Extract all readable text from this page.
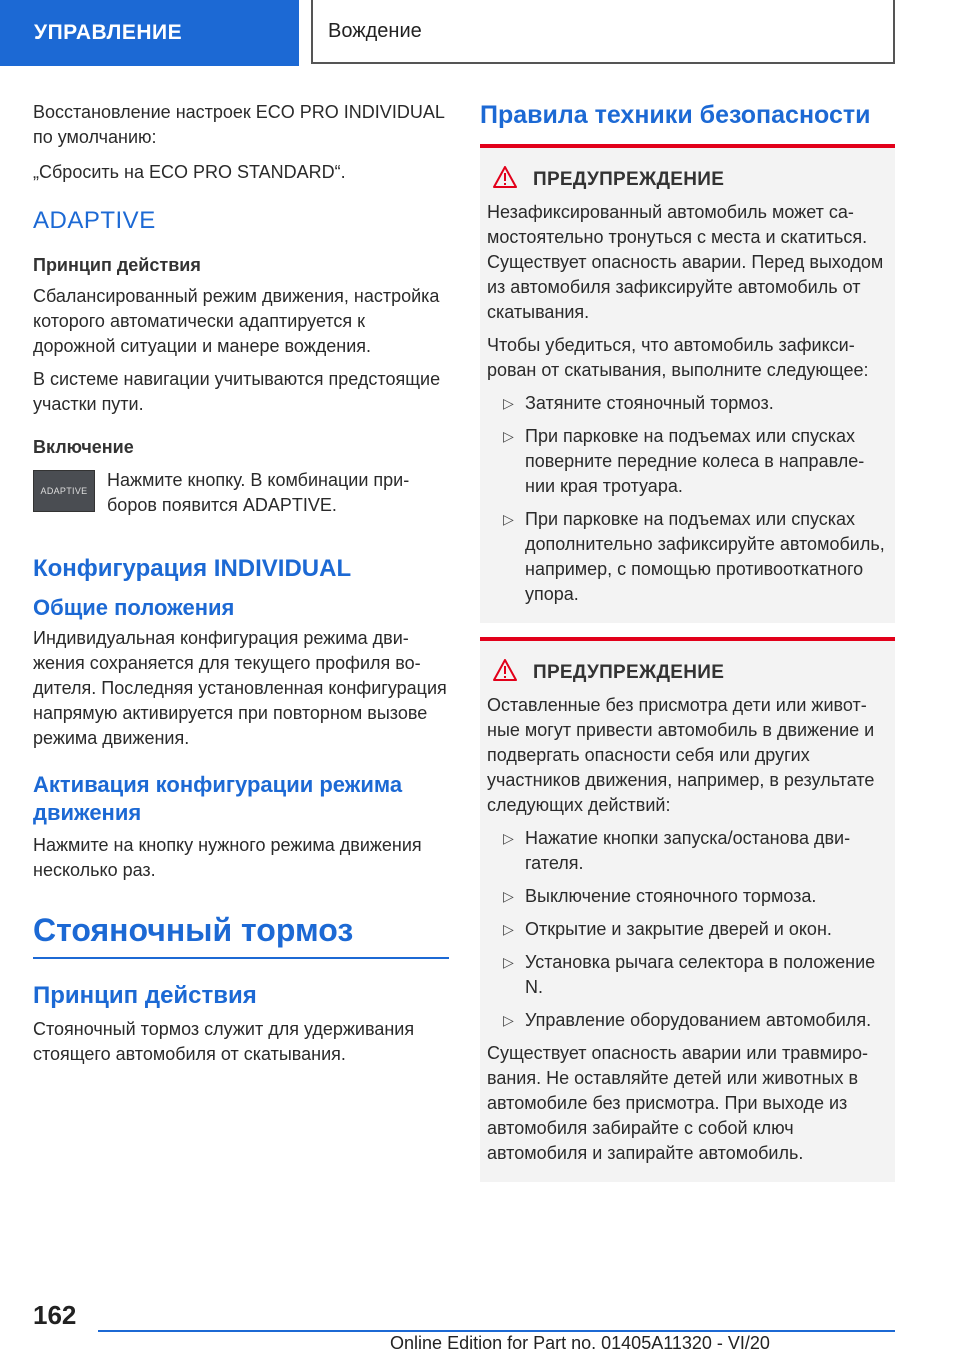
УПРАВЛЕНИЕ	Вождение

Восстановление настроек ECO PRO INDIVIDUAL по умолчанию:

„Сбросить на ECO PRO STANDARD“.

ADAPTIVE
Принцип действия

Сбалансированный режим движения, настройка которого автоматически адаптируется к дорожной ситуации и манере вождения.

В системе навигации учитываются предстоящие участки пути.

Включение
ADAPTIVE

Нажмите кнопку. В комбинации приборов появится ADAPTIVE.

Конфигурация INDIVIDUAL
Общие положения

Индивидуальная конфигурация режима движения сохраняется для текущего профиля водителя. Последняя установленная конфигурация напрямую активируется при повторном вызове режима движения.

Активация конфигурации режима движения

Нажмите на кнопку нужного режима движения несколько раз.

Стояночный тормоз
Принцип действия

Стояночный тормоз служит для удерживания стоящего автомобиля от скатывания.

Правила техники безопасности
ПРЕДУПРЕЖДЕНИЕ

Незафиксированный автомобиль может самостоятельно тронуться с места и скатиться. Существует опасность аварии. Перед выходом из автомобиля зафиксируйте автомобиль от скатывания.

Чтобы убедиться, что автомобиль зафиксирован от скатывания, выполните следующее:

▷ Затяните стояночный тормоз.

▷ При парковке на подъемах или спусках поверните передние колеса в направлении края тротуара.

▷ При парковке на подъемах или спусках дополнительно зафиксируйте автомобиль, например, с помощью противооткатного упора.

ПРЕДУПРЕЖДЕНИЕ

Оставленные без присмотра дети или животные могут привести автомобиль в движение и подвергать опасности себя или других участников движения, например, в результате следующих действий:

▷ Нажатие кнопки запуска/останова двигателя.

▷ Выключение стояночного тормоза.

▷ Открытие и закрытие дверей и окон.

▷ Установка рычага селектора в положение N.

▷ Управление оборудованием автомобиля.

Существует опасность аварии или травмирования. Не оставляйте детей или животных в автомобиле без присмотра. При выходе из автомобиля забирайте с собой ключ автомобиля и запирайте автомобиль.

162
Online Edition for Part no. 01405A11320 - VI/20
